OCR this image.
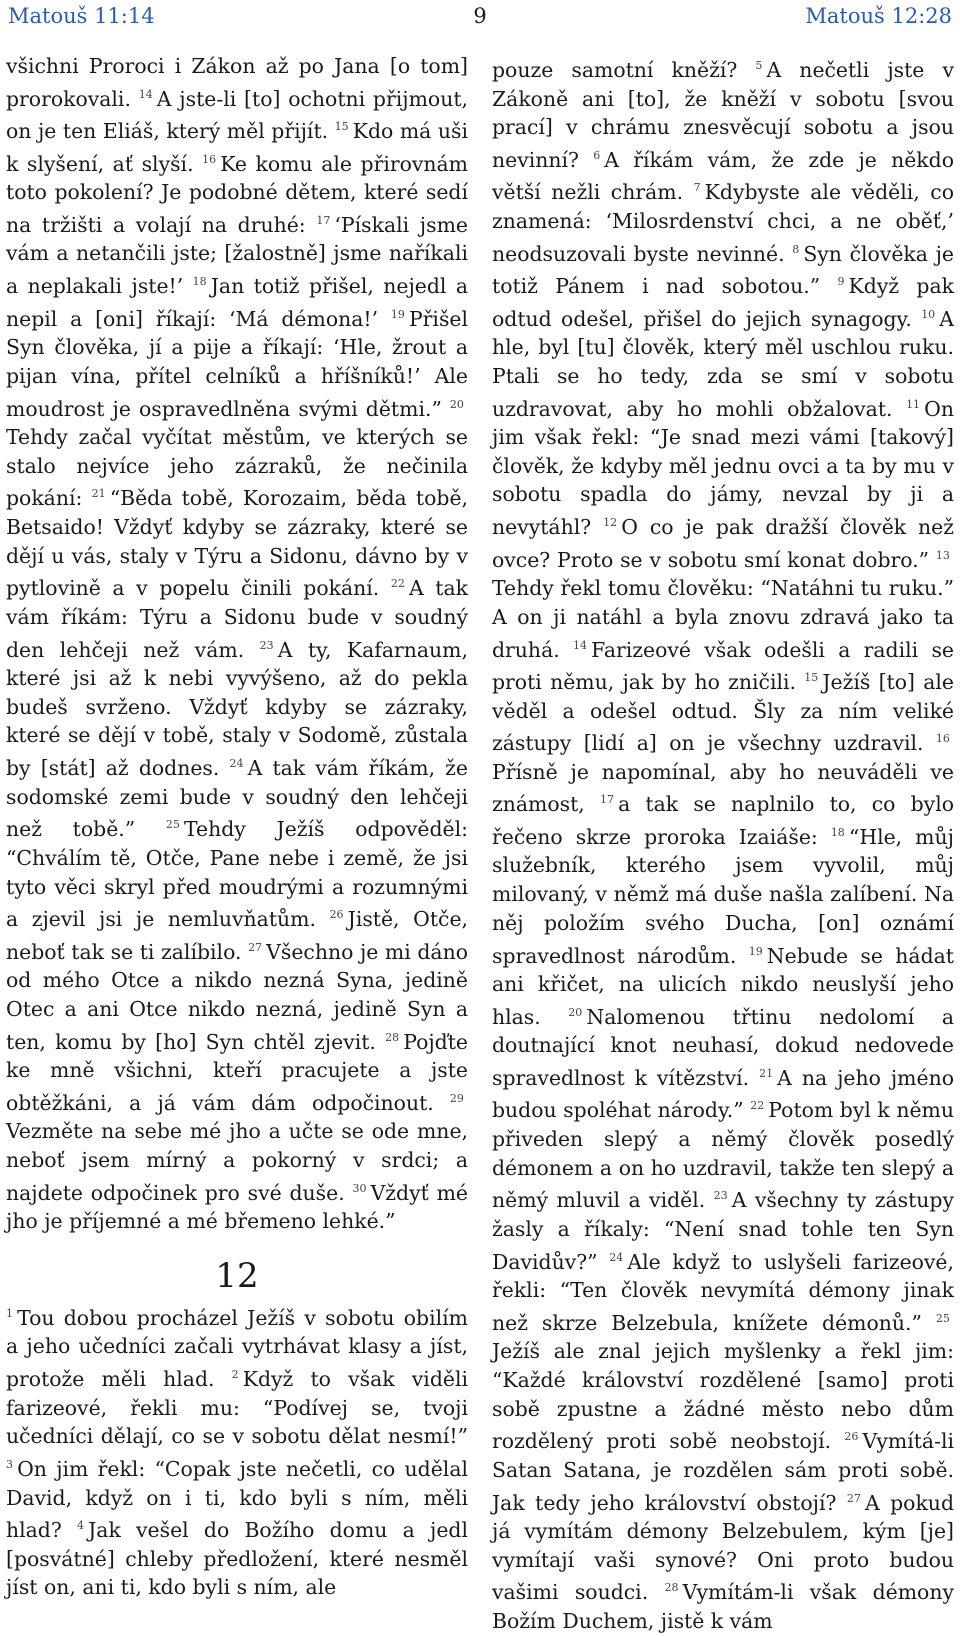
Matouš 11:14	9	Matouš 12:28

všichni Proroci i Zákon až po Jana [o tom] prorokovali. $^{14}$  A jste-li [to] ochotni přijmout, on je ten Eliáš, který měl přijít. $^{15}$  Kdo má uši k slyšení, ať slyší. $^{16}$  Ke komu ale přirovnám toto pokolení? Je podobné dětem, které sedí na tržišti a volají na druhé: $^{17}$  ‘Pískali jsme vám a netančili jste; [žalostně] jsme naříkali a neplakali jste!’ $^{18}$  Jan totiž přišel, nejedl a nepil a [oni] říkají: ‘Má démona!’ $^{19}$  Přišel Syn člověka, jí a pije a říkají: ‘Hle, žrout a pijan vína, přítel celníků a hříšníků!’ Ale moudrost je ospravedlněna svými dětmi.” $^{20}$ Tehdy začal vyčítat městům, ve kterých se stalo nejvíce jeho zázraků, že nečinila pokání: $^{21}$  “Běda tobě, Korozaim, běda tobě, Betsaido! Vždyť kdyby se zázraky, které se dějí u vás, staly v Týru a Sidonu, dávno by v pytlovině a v popelu činili pokání. $^{22}$  A tak vám říkám: Týru a Sidonu bude v soudný den lehčeji než vám. $^{23}$  A ty, Kafarnaum, které jsi až k nebi vyvýšeno, až do pekla budeš svrženo. Vždyť kdyby se zázraky, které se dějí v tobě, staly v Sodomě, zůstala by [stát] až dodnes. $^{24}$  A tak vám říkám, že sodomské zemi bude v soudný den lehčeji než tobě.” $^{25}$  Tehdy Ježíš odpověděl: “Chválím tě, Otče, Pane nebe i země, že jsi tyto věci skryl před moudrými a rozumnými a zjevil jsi je nemluvňatům. $^{26}$  Jistě, Otče, neboť tak se ti zalíbilo. $^{27}$  Všechno je mi dáno od mého Otce a nikdo nezná Syna, jedině Otec a ani Otce nikdo nezná, jedině Syn a ten, komu by [ho] Syn chtěl zjevit. $^{28}$  Pojďte ke mně všichni, kteří pracujete a jste obtěžkáni, a já vám dám odpočinout. $^{29}$ Vezměte na sebe mé jho a učte se ode mne, neboť jsem mírný a pokorný v srdci; a najdete odpočinek pro své duše. $^{30}$  Vždyť mé jho je příjemné a mé břemeno lehké.”

12

$^1$  Tou dobou procházel Ježíš v sobotu obilím a jeho učedníci začali vytrhávat klasy a jíst, protože měli hlad. $^2$  Když to však viděli farizeové, řekli mu: “Podívej se, tvoji učedníci dělají, co se v sobotu dělat nesmí!” $^3$  On jim řekl: “Copak jste nečetli, co udělal David, když on i ti, kdo byli s ním, měli hlad? $^4$  Jak vešel do Božího domu a jedl [posvátné] chleby předložení, které nesměl jíst on, ani ti, kdo byli s ním, ale

pouze samotní kněží? $^5$  A nečetli jste v Zákoně ani [to], že kněží v sobotu [svou prací] v chrámu znesvěcují sobotu a jsou nevinní? $^6$  A říkám vám, že zde je někdo větší nežli chrám. $^7$  Kdybyste ale věděli, co znamená: ‘Milosrdenství chci, a ne oběť,’ neodsuzovali byste nevinné. $^8$  Syn člověka je totiž Pánem i nad sobotou.” $^9$  Když pak odtud odešel, přišel do jejich synagogy. $^{10}$  A hle, byl [tu] člověk, který měl uschlou ruku. Ptali se ho tedy, zda se smí v sobotu uzdravovat, aby ho mohli obžalovat. $^{11}$  On jim však řekl: “Je snad mezi vámi [takový] člověk, že kdyby měl jednu ovci a ta by mu v sobotu spadla do jámy, nevzal by ji a nevytáhl? $^{12}$  O co je pak dražší člověk než ovce? Proto se v sobotu smí konat dobro.” $^{13}$ Tehdy řekl tomu člověku: “Natáhni tu ruku.” A on ji natáhl a byla znovu zdravá jako ta druhá. $^{14}$  Farizeové však odešli a radili se proti němu, jak by ho zničili. $^{15}$  Ježíš [to] ale věděl a odešel odtud. Šly za ním veliké zástupy [lidí a] on je všechny uzdravil. $^{16}$ Přísně je napomínal, aby ho neuváděli ve známost, $^{17}$  a tak se naplnilo to, co bylo řečeno skrze proroka Izaiáše: $^{18}$  “Hle, můj služebník, kterého jsem vyvolil, můj milovaný, v němž má duše našla zalíbení. Na něj položím svého Ducha, [on] oznámí spravedlnost národům. $^{19}$  Nebude se hádat ani křičet, na ulicích nikdo neuslyší jeho hlas. $^{20}$  Nalomenou třtinu nedolomí a doutnající knot neuhasí, dokud nedovede spravedlnost k vítězství. $^{21}$  A na jeho jméno budou spoléhat národy.” $^{22}$  Potom byl k němu přiveden slepý a němý člověk posedlý démonem a on ho uzdravil, takže ten slepý a němý mluvil a viděl. $^{23}$  A všechny ty zástupy žasly a říkaly: “Není snad tohle ten Syn Davidův?” $^{24}$  Ale když to uslyšeli farizeové, řekli: “Ten člověk nevymítá démony jinak než skrze Belzebula, knížete démonů.” $^{25}$ Ježíš ale znal jejich myšlenky a řekl jim: “Každé království rozdělené [samo] proti sobě zpustne a žádné město nebo dům rozdělený proti sobě neobstojí. $^{26}$  Vymítá-li Satan Satana, je rozdělen sám proti sobě. Jak tedy jeho království obstojí? $^{27}$  A pokud já vymítám démony Belzebulem, kým [je] vymítají vaši synové? Oni proto budou vašimi soudci. $^{28}$  Vymítám-li však démony Božím Duchem, jistě k vám
